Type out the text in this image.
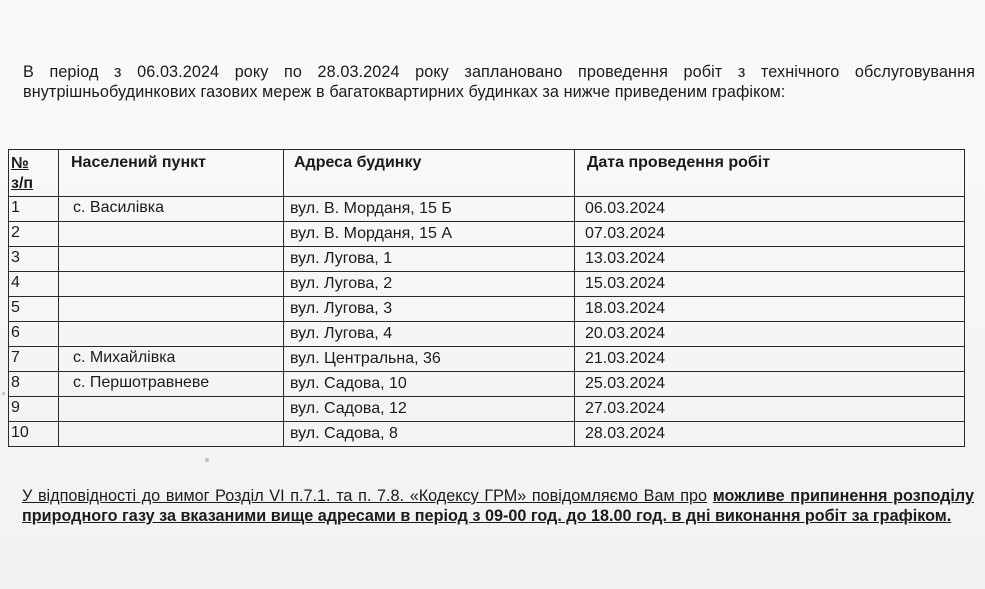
В період з 06.03.2024 року по 28.03.2024 року заплановано проведення робіт з технічного обслуговування внутрішньобудинкових газових мереж в багатоквартирних будинках за нижче приведеним графіком:

№
з/п	Населений пункт	Адреса будинку	Дата проведення робіт
1	с. Василівка	вул. В. Морданя, 15 Б	06.03.2024
2		вул. В. Морданя, 15 А	07.03.2024
3		вул. Лугова, 1	13.03.2024
4		вул. Лугова, 2	15.03.2024
5		вул. Лугова, 3	18.03.2024
6		вул. Лугова, 4	20.03.2024
7	с. Михайлівка	вул. Центральна, 36	21.03.2024
8	с. Першотравневе	вул. Садова, 10	25.03.2024
9		вул. Садова, 12	27.03.2024
10		вул. Садова, 8	28.03.2024

У відповідності до вимог Розділ VІ п.7.1. та п. 7.8. «Кодексу ГРМ» повідомляємо Вам про можливе припинення розподілу природного газу за вказаними вище адресами в період з 09-00 год. до 18.00 год. в дні виконання робіт за графіком.
